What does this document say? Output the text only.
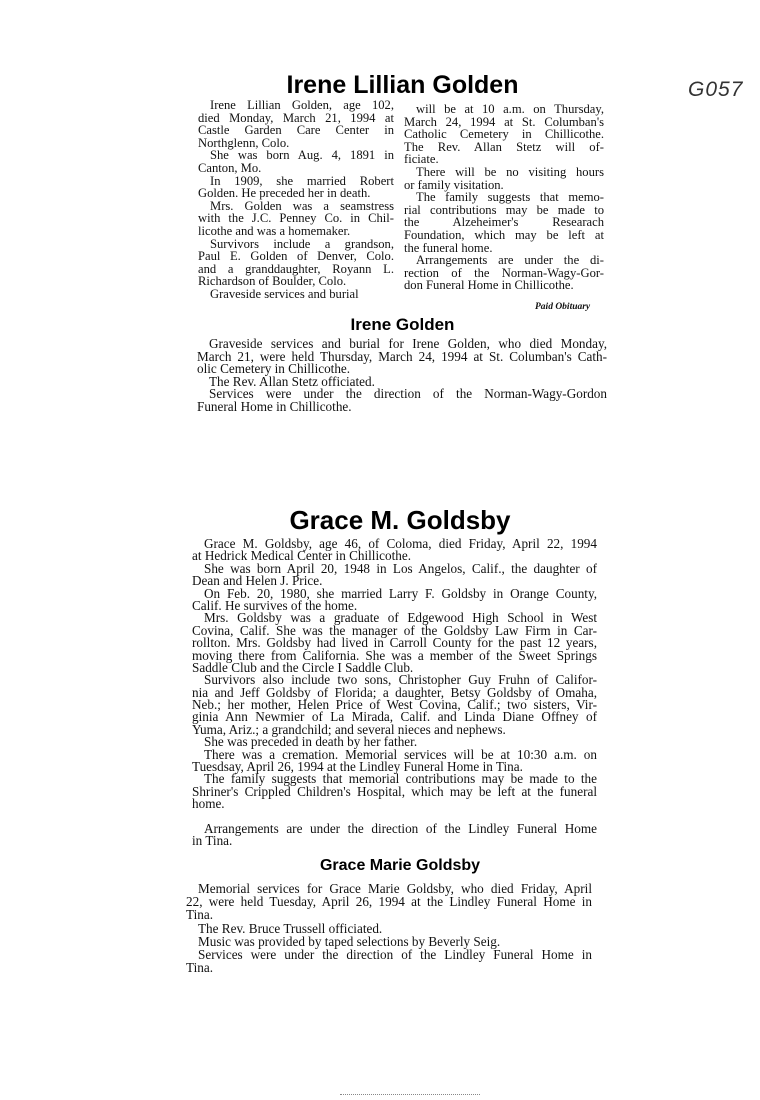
G057
Irene Lillian Golden
Irene Lillian Golden, age 102,
died Monday, March 21, 1994 at
Castle Garden Care Center in
Northglenn, Colo.
She was born Aug. 4, 1891 in
Canton, Mo.
In 1909, she married Robert
Golden. He preceded her in death.
Mrs. Golden was a seamstress
with the J.C. Penney Co. in Chil-
licothe and was a homemaker.
Survivors include a grandson,
Paul E. Golden of Denver, Colo.
and a granddaughter, Royann L.
Richardson of Boulder, Colo.
Graveside services and burial
will be at 10 a.m. on Thursday,
March 24, 1994 at St. Columban's
Catholic Cemetery in Chillicothe.
The Rev. Allan Stetz will of-
ficiate.
There will be no visiting hours
or family visitation.
The family suggests that memo-
rial contributions may be made to
the Alzeheimer's Researach
Foundation, which may be left at
the funeral home.
Arrangements are under the di-
rection of the Norman-Wagy-Gor-
don Funeral Home in Chillicothe.
Paid Obituary
Irene Golden
Graveside services and burial for Irene Golden, who died Monday,
March 21, were held Thursday, March 24, 1994 at St. Columban's Cath-
olic Cemetery in Chillicothe.
The Rev. Allan Stetz officiated.
Services were under the direction of the Norman-Wagy-Gordon
Funeral Home in Chillicothe.
Grace M. Goldsby
Grace M. Goldsby, age 46, of Coloma, died Friday, April 22, 1994
at Hedrick Medical Center in Chillicothe.
She was born April 20, 1948 in Los Angelos, Calif., the daughter of
Dean and Helen J. Price.
On Feb. 20, 1980, she married Larry F. Goldsby in Orange County,
Calif. He survives of the home.
Mrs. Goldsby was a graduate of Edgewood High School in West
Covina, Calif. She was the manager of the Goldsby Law Firm in Car-
rollton. Mrs. Goldsby had lived in Carroll County for the past 12 years,
moving there from California. She was a member of the Sweet Springs
Saddle Club and the Circle I Saddle Club.
Survivors also include two sons, Christopher Guy Fruhn of Califor-
nia and Jeff Goldsby of Florida; a daughter, Betsy Goldsby of Omaha,
Neb.; her mother, Helen Price of West Covina, Calif.; two sisters, Vir-
ginia Ann Newmier of La Mirada, Calif. and Linda Diane Offney of
Yuma, Ariz.; a grandchild; and several nieces and nephews.
She was preceded in death by her father.
There was a cremation. Memorial services will be at 10:30 a.m. on
Tuesdsay, April 26, 1994 at the Lindley Funeral Home in Tina.
The family suggests that memorial contributions may be made to the
Shriner's Crippled Children's Hospital, which may be left at the funeral
home.
Arrangements are under the direction of the Lindley Funeral Home
in Tina.
Grace Marie Goldsby
Memorial services for Grace Marie Goldsby, who died Friday, April
22, were held Tuesday, April 26, 1994 at the Lindley Funeral Home in
Tina.
The Rev. Bruce Trussell officiated.
Music was provided by taped selections by Beverly Seig.
Services were under the direction of the Lindley Funeral Home in
Tina.
